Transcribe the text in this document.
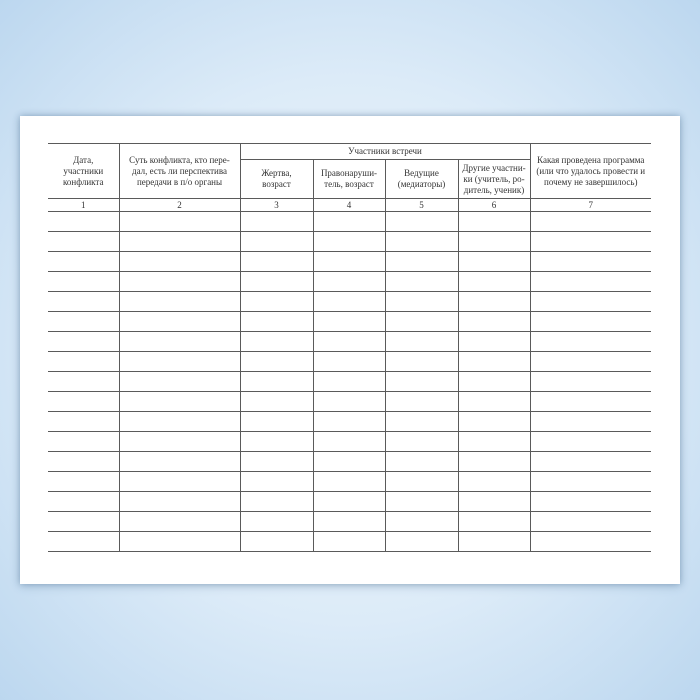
Дата, участники конфликта	Суть конфликта, кто пере-дал, есть ли перспектива передачи в п/о органы	Участники встречи				Какая проведена программа (или что удалось провести и почему не завершилось)
		Жертва, возраст	Правонаруши-тель, возраст	Ведущие (медиаторы)	Другие участни-ки (учитель, ро-дитель, ученик)	
1	2	3	4	5	6	7
